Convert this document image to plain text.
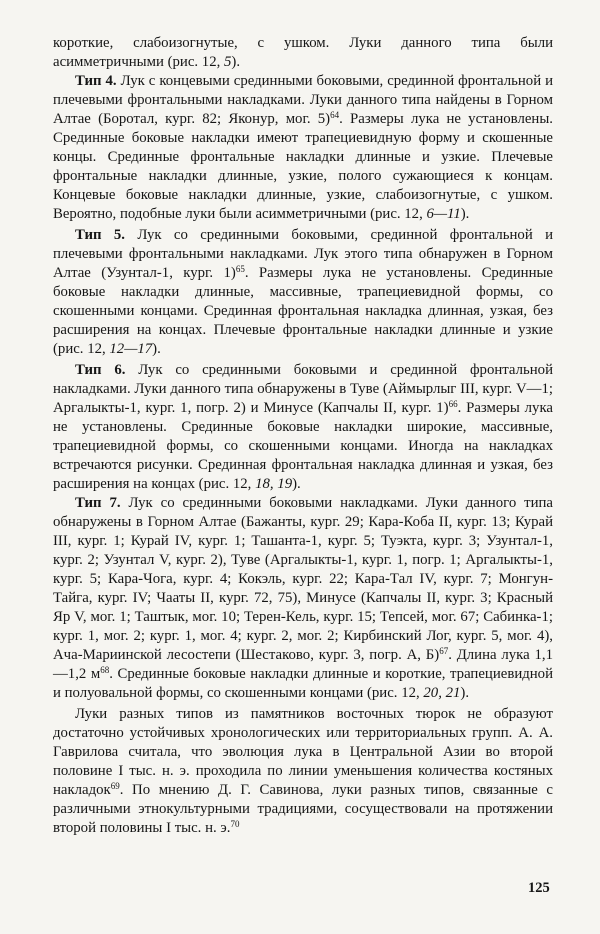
короткие, слабоизогнутые, с ушком. Луки данного типа были асимметричными (рис. 12, 5).

Тип 4. Лук с концевыми срединными боковыми, срединной фронтальной и плечевыми фронтальными накладками. Луки данного типа найдены в Горном Алтае (Боротал, кург. 82; Яконур, мог. 5)$^{64}$. Размеры лука не установлены. Срединные боковые накладки имеют трапециевидную форму и скошенные концы. Срединные фронтальные накладки длинные и узкие. Плечевые фронтальные накладки длинные, узкие, полого сужающиеся к концам. Концевые боковые накладки длинные, узкие, слабоизогнутые, с ушком. Вероятно, подобные луки были асимметричными (рис. 12, 6—11).

Тип 5. Лук со срединными боковыми, срединной фронтальной и плечевыми фронтальными накладками. Лук этого типа обнаружен в Горном Алтае (Узунтал-1, кург. 1)$^{65}$. Размеры лука не установлены. Срединные боковые накладки длинные, массивные, трапециевидной формы, со скошенными концами. Срединная фронтальная накладка длинная, узкая, без расширения на концах. Плечевые фронтальные накладки длинные и узкие (рис. 12, 12—17).

Тип 6. Лук со срединными боковыми и срединной фронтальной накладками. Луки данного типа обнаружены в Туве (Аймырлыг III, кург. V—1; Аргалыкты-1, кург. 1, погр. 2) и Минусе (Капчалы II, кург. 1)$^{66}$. Размеры лука не установлены. Срединные боковые накладки широкие, массивные, трапециевидной формы, со скошенными концами. Иногда на накладках встречаются рисунки. Срединная фронтальная накладка длинная и узкая, без расширения на концах (рис. 12, 18, 19).

Тип 7. Лук со срединными боковыми накладками. Луки данного типа обнаружены в Горном Алтае (Бажанты, кург. 29; Кара-Коба II, кург. 13; Курай III, кург. 1; Курай IV, кург. 1; Ташанта-1, кург. 5; Туэкта, кург. 3; Узунтал-1, кург. 2; Узунтал V, кург. 2), Туве (Аргалыкты-1, кург. 1, погр. 1; Аргалыкты-1, кург. 5; Кара-Чога, кург. 4; Кокэль, кург. 22; Кара-Тал IV, кург. 7; Монгун-Тайга, кург. IV; Чааты II, кург. 72, 75), Минусе (Капчалы II, кург. 3; Красный Яр V, мог. 1; Таштык, мог. 10; Терен-Кель, кург. 15; Тепсей, мог. 67; Сабинка-1; кург. 1, мог. 2; кург. 1, мог. 4; кург. 2, мог. 2; Кирбинский Лог, кург. 5, мог. 4), Ача-Мариинской лесостепи (Шестаково, кург. 3, погр. А, Б)$^{67}$. Длина лука 1,1—1,2 $м^{68}$. Срединные боковые накладки длинные и короткие, трапециевидной и полуовальной формы, со скошенными концами (рис. 12, 20, 21).

Луки разных типов из памятников восточных тюрок не образуют достаточно устойчивых хронологических или территориальных групп. А. А. Гаврилова считала, что эволюция лука в Центральной Азии во второй половине I тыс. н. э. проходила по линии уменьшения количества костяных накладок$^{69}$. По мнению Д. Г. Савинова, луки разных типов, связанные с различными этнокультурными традициями, сосуществовали на протяжении второй половины I тыс. н. э.$^{70}$

125
